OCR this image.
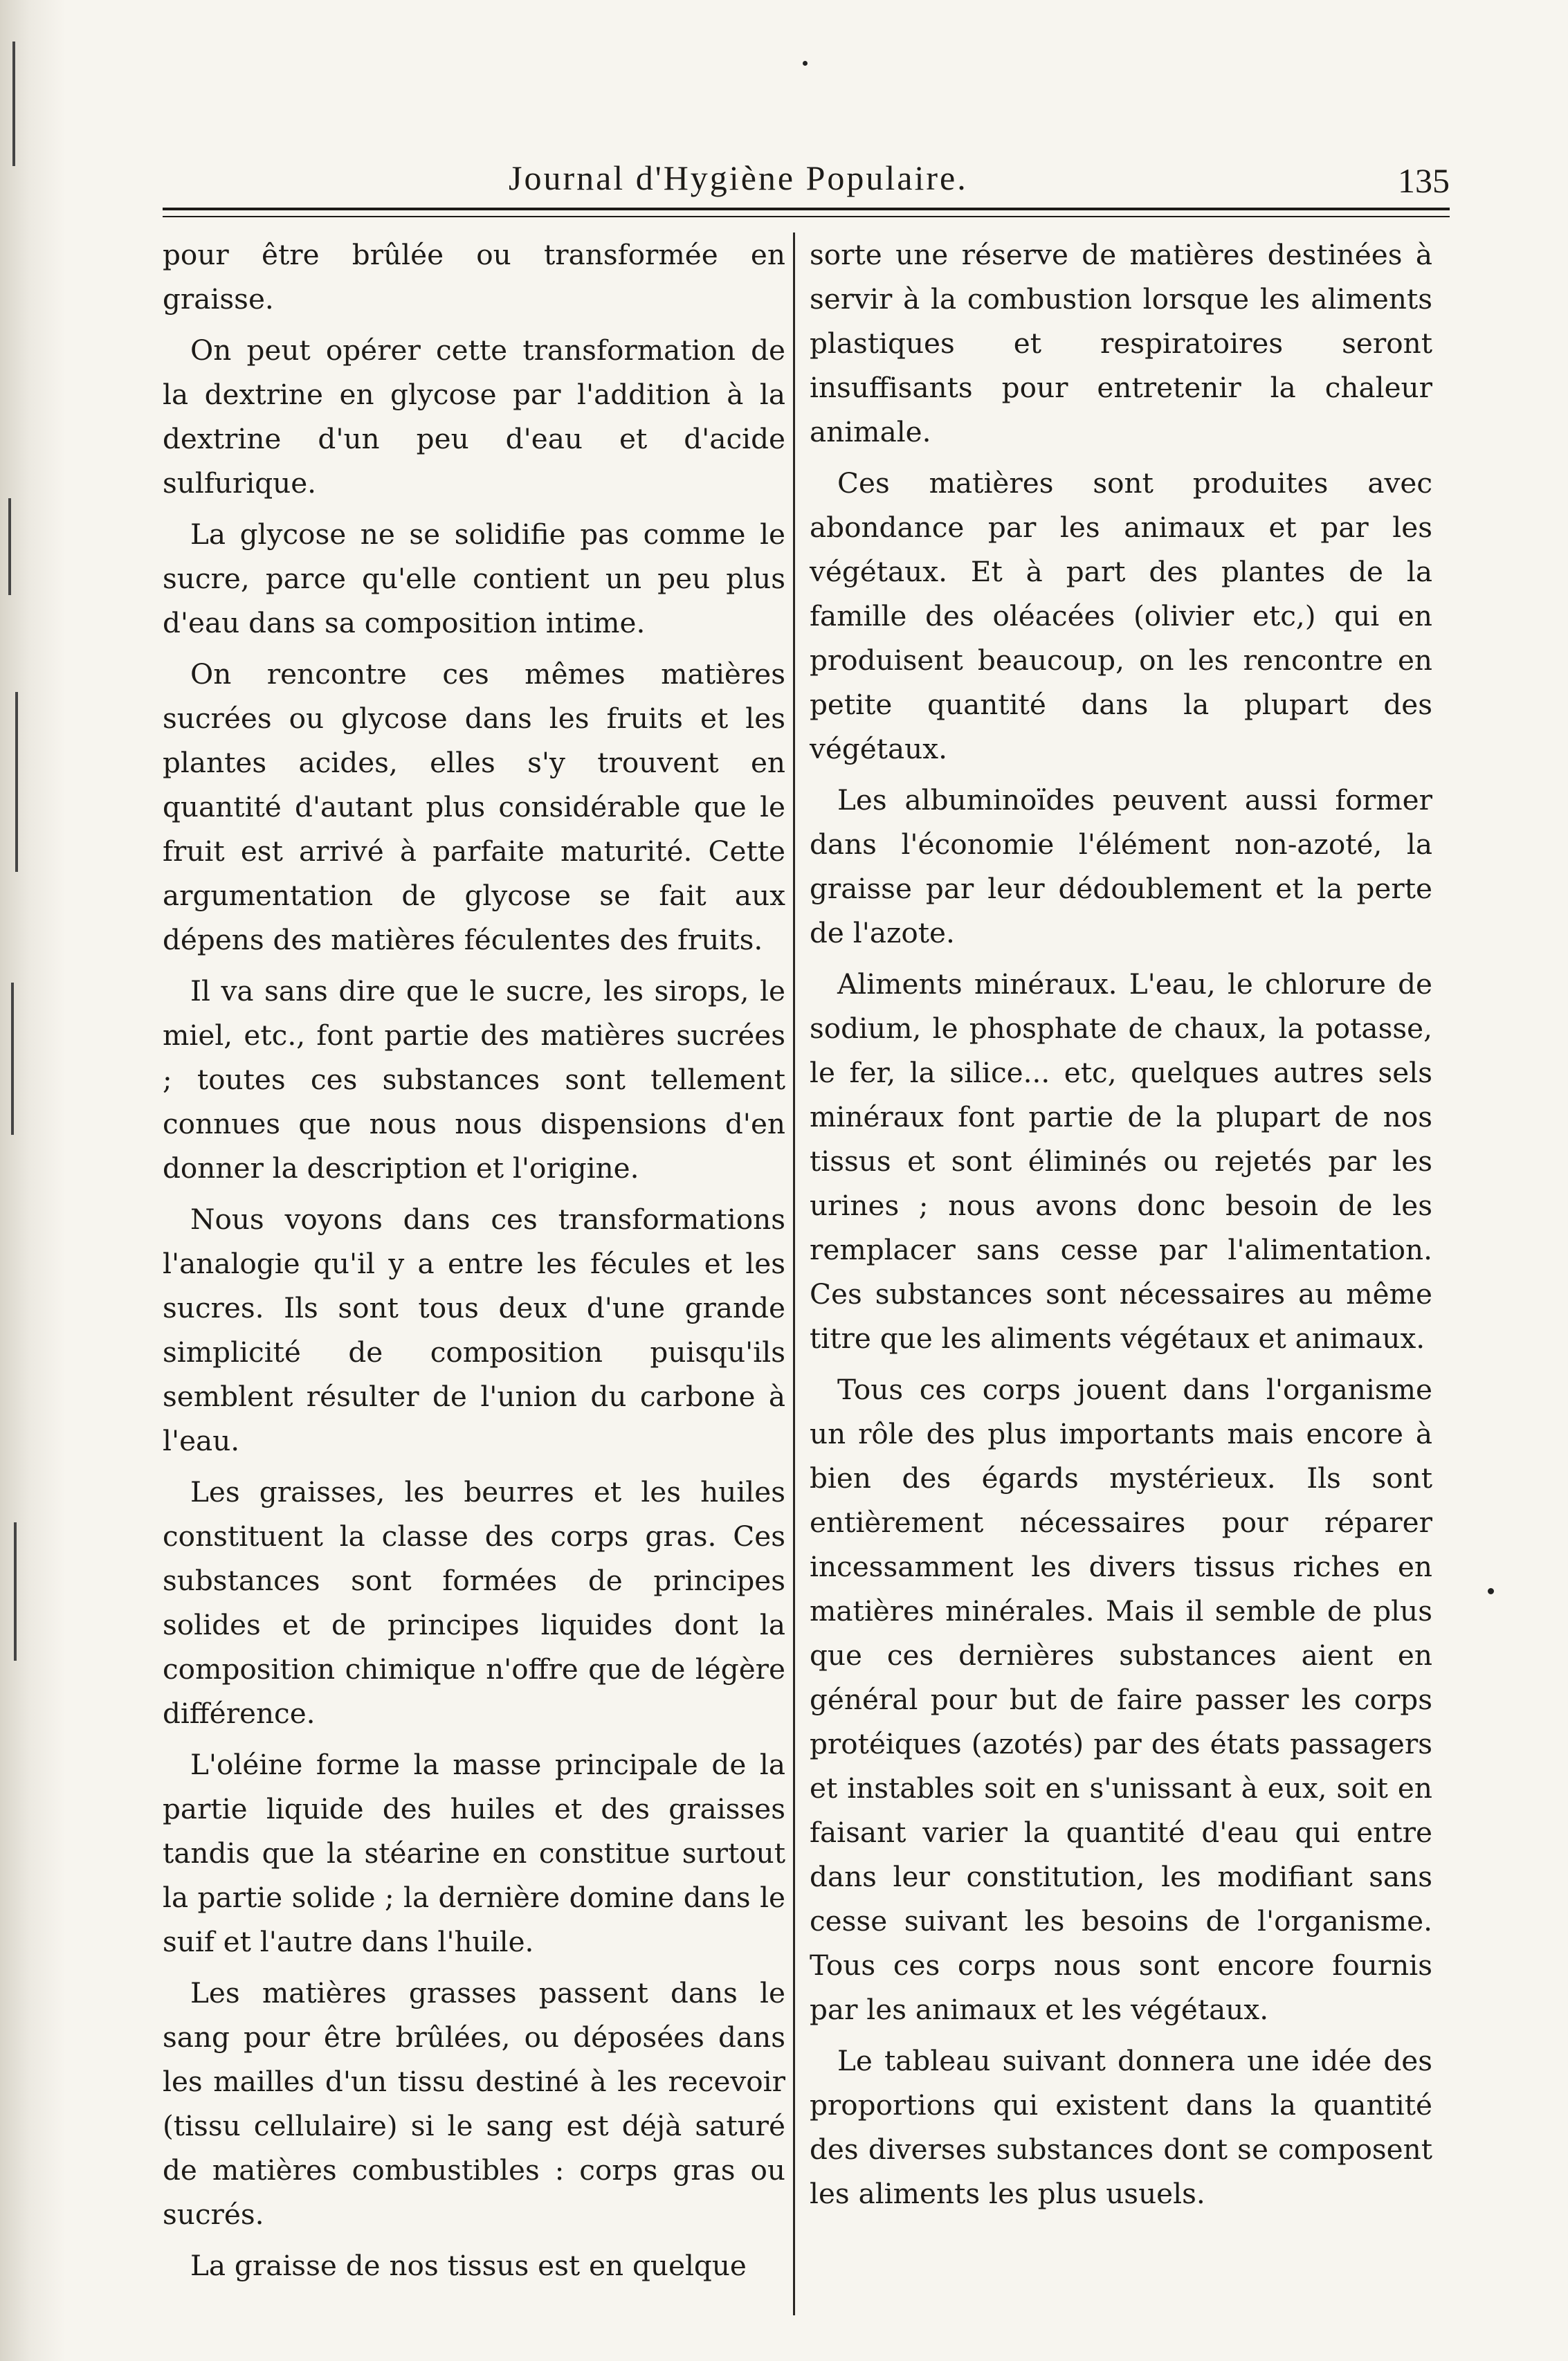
Journal d'Hygiène Populaire.	135

pour être brûlée ou transformée en graisse.

On peut opérer cette transformation de la dextrine en glycose par l'addition à la dextrine d'un peu d'eau et d'acide sulfurique.

La glycose ne se solidifie pas comme le sucre, parce qu'elle contient un peu plus d'eau dans sa composition intime.

On rencontre ces mêmes matières sucrées ou glycose dans les fruits et les plantes acides, elles s'y trouvent en quantité d'autant plus considérable que le fruit est arrivé à parfaite maturité. Cette argumentation de glycose se fait aux dépens des matières féculentes des fruits.

Il va sans dire que le sucre, les sirops, le miel, etc., font partie des matières sucrées ; toutes ces substances sont tellement connues que nous nous dispensions d'en donner la description et l'origine.

Nous voyons dans ces transformations l'analogie qu'il y a entre les fécules et les sucres. Ils sont tous deux d'une grande simplicité de composition puisqu'ils semblent résulter de l'union du carbone à l'eau.

Les graisses, les beurres et les huiles constituent la classe des corps gras. Ces substances sont formées de principes solides et de principes liquides dont la composition chimique n'offre que de légère différence.

L'oléine forme la masse principale de la partie liquide des huiles et des graisses tandis que la stéarine en constitue surtout la partie solide ; la dernière domine dans le suif et l'autre dans l'huile.

Les matières grasses passent dans le sang pour être brûlées, ou déposées dans les mailles d'un tissu destiné à les recevoir (tissu cellulaire) si le sang est déjà saturé de matières combustibles : corps gras ou sucrés.

La graisse de nos tissus est en quelque

sorte une réserve de matières destinées à servir à la combustion lorsque les aliments plastiques et respiratoires seront insuffisants pour entretenir la chaleur animale.

Ces matières sont produites avec abondance par les animaux et par les végétaux. Et à part des plantes de la famille des oléacées (olivier etc,) qui en produisent beaucoup, on les rencontre en petite quantité dans la plupart des végétaux.

Les albuminoïdes peuvent aussi former dans l'économie l'élément non-azoté, la graisse par leur dédoublement et la perte de l'azote.

Aliments minéraux. L'eau, le chlorure de sodium, le phosphate de chaux, la potasse, le fer, la silice... etc, quelques autres sels minéraux font partie de la plupart de nos tissus et sont éliminés ou rejetés par les urines ; nous avons donc besoin de les remplacer sans cesse par l'alimentation. Ces substances sont nécessaires au même titre que les aliments végétaux et animaux.

Tous ces corps jouent dans l'organisme un rôle des plus importants mais encore à bien des égards mystérieux. Ils sont entièrement nécessaires pour réparer incessamment les divers tissus riches en matières minérales. Mais il semble de plus que ces dernières substances aient en général pour but de faire passer les corps protéiques (azotés) par des états passagers et instables soit en s'unissant à eux, soit en faisant varier la quantité d'eau qui entre dans leur constitution, les modifiant sans cesse suivant les besoins de l'organisme. Tous ces corps nous sont encore fournis par les animaux et les végétaux.

Le tableau suivant donnera une idée des proportions qui existent dans la quantité des diverses substances dont se composent les aliments les plus usuels.
